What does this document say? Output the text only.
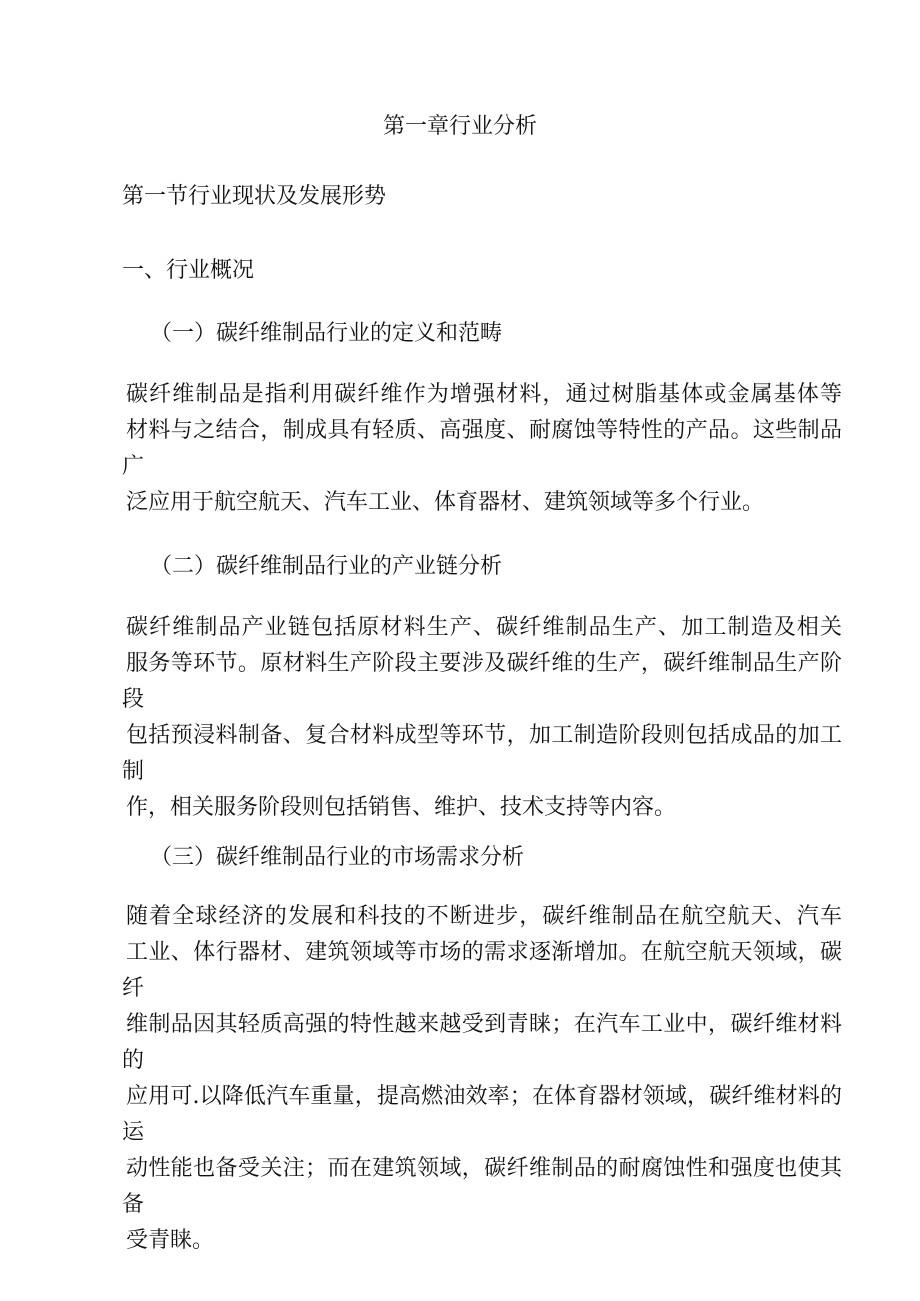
第一章行业分析
第一节行业现状及发展形势
一、行业概况
（一）碳纤维制品行业的定义和范畴

碳纤维制品是指利用碳纤维作为增强材料，通过树脂基体或金属基体等
材料与之结合，制成具有轻质、高强度、耐腐蚀等特性的产品。这些制品广
泛应用于航空航天、汽车工业、体育器材、建筑领域等多个行业。

（二）碳纤维制品行业的产业链分析

碳纤维制品产业链包括原材料生产、碳纤维制品生产、加工制造及相关
服务等环节。原材料生产阶段主要涉及碳纤维的生产，碳纤维制品生产阶段
包括预浸料制备、复合材料成型等环节，加工制造阶段则包括成品的加工制
作，相关服务阶段则包括销售、维护、技术支持等内容。

（三）碳纤维制品行业的市场需求分析

随着全球经济的发展和科技的不断进步，碳纤维制品在航空航天、汽车
工业、体行器材、建筑领域等市场的需求逐渐增加。在航空航天领域，碳纤
维制品因其轻质高强的特性越来越受到青睐；在汽车工业中，碳纤维材料的
应用可.以降低汽车重量，提高燃油效率；在体育器材领域，碳纤维材料的运
动性能也备受关注；而在建筑领域，碳纤维制品的耐腐蚀性和强度也使其备
受青睐。
